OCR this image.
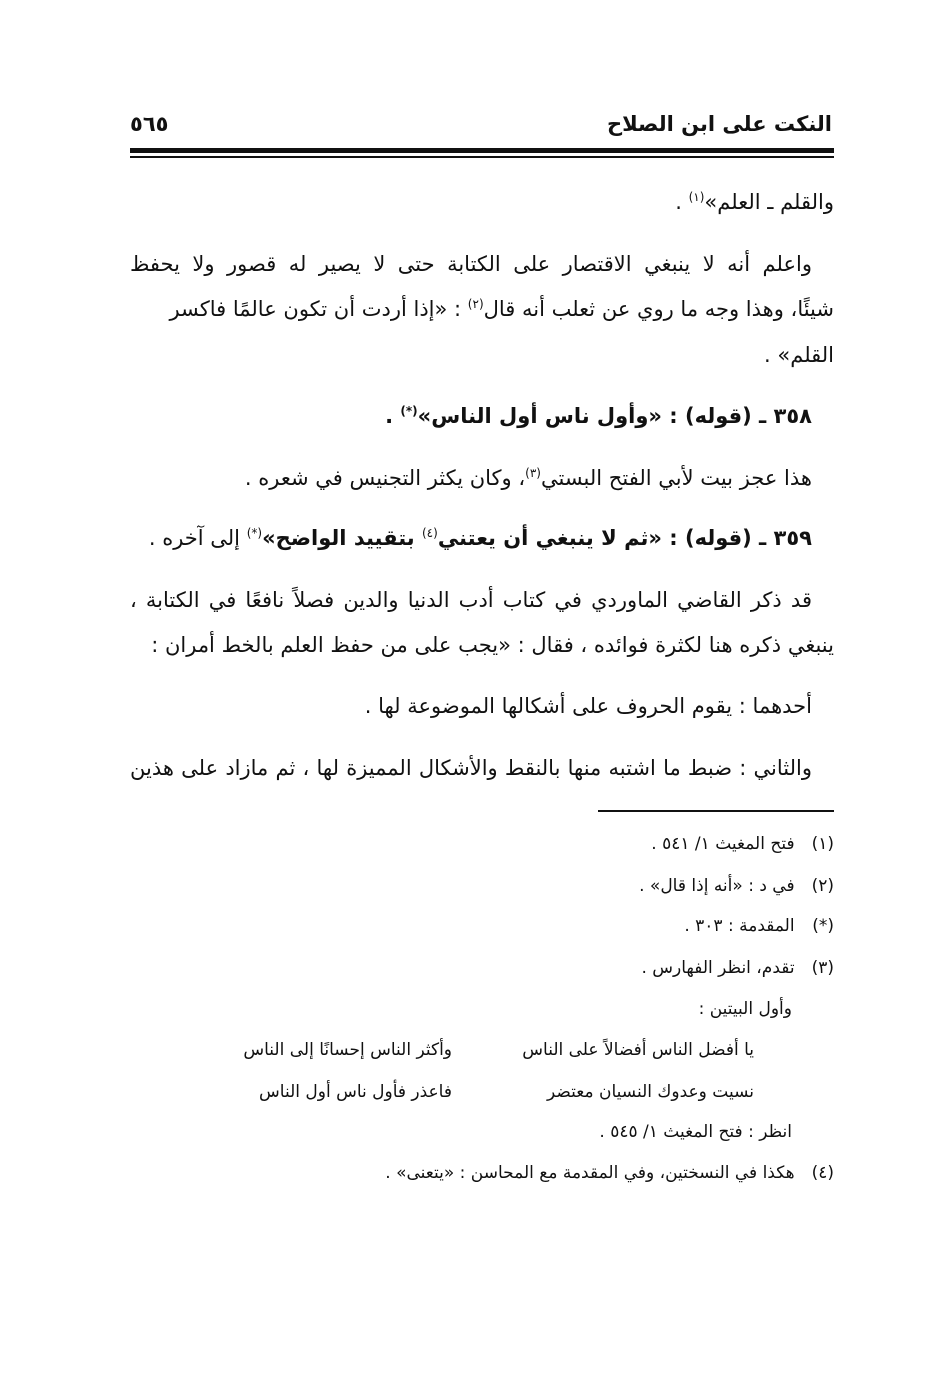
النكت على ابن الصلاح
٥٦٥
والقلم ـ العلم»$^{(١)}$ .
واعلم أنه لا ينبغي الاقتصار على الكتابة حتى لا يصير له قصور ولا يحفظ
شيئًا، وهذا وجه ما روي عن ثعلب أنه قال$^{(٢)}$ : «إذا أردت أن تكون عالمًا فاكسر
القلم» .
٣٥٨ ـ (قوله) : «وأول ناس أول الناس»(*) .
هذا عجز بيت لأبي الفتح البستي$^{(٣)}$، وكان يكثر التجنيس في شعره .
٣٥٩ ـ (قوله) : «ثم لا ينبغي أن يعتني$^{(٤)}$ بتقييد الواضح»(*) إلى آخره .
قد ذكر القاضي الماوردي في كتاب أدب الدنيا والدين فصلاً نافعًا في الكتابة ،
ينبغي ذكره هنا لكثرة فوائده ، فقال : «يجب على من حفظ العلم بالخط أمران :
أحدهما : يقوم الحروف على أشكالها الموضوعة لها .
والثاني : ضبط ما اشتبه منها بالنقط والأشكال المميزة لها ، ثم مازاد على هذين
(١) فتح المغيث ١/ ٥٤١ .
(٢) في د : «أنه إذا قال» .
(*) المقدمة : ٣٠٣ .
(٣) تقدم، انظر الفهارس .
وأول البيتين :
يا أفضل الناس أفضالاً على الناس
وأكثر الناس إحسانًا إلى الناس
نسيت وعدوك النسيان معتضر
فاعذر فأول ناس أول الناس
انظر : فتح المغيث ١/ ٥٤٥ .
(٤) هكذا في النسختين، وفي المقدمة مع المحاسن : «يتعنى» .
